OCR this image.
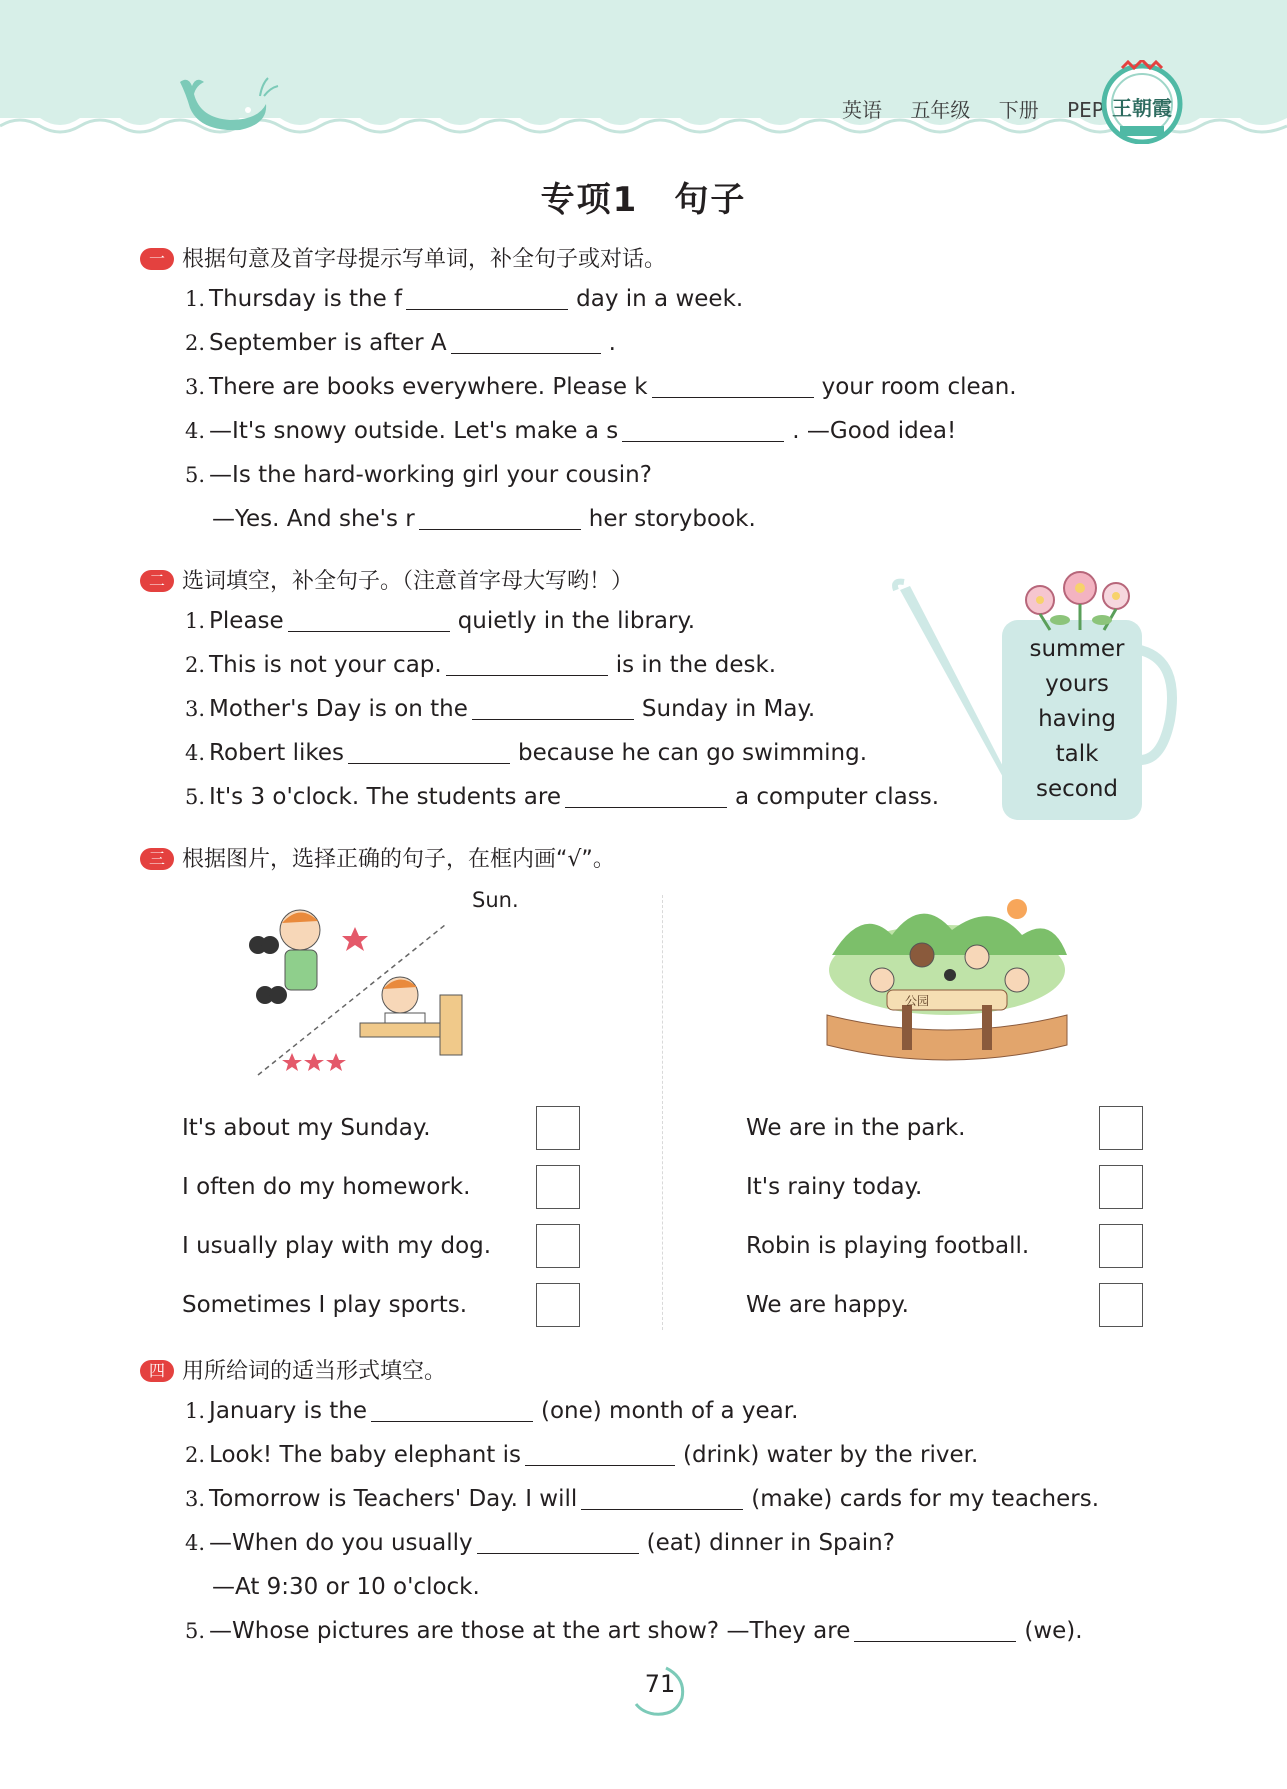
英语 五年级 下册 PEP 王朝霞
专项1　句子
一 根据句意及首字母提示写单词，补全句子或对话。
1. Thursday is the f	day in a week.
2. September is after A	.
3. There are books everywhere. Please k	your room clean.
4. —It's snowy outside. Let's make a s	. —Good idea!
5. —Is the hard-working girl your cousin?
—Yes. And she's r	her storybook.
二 选词填空，补全句子。（注意首字母大写哟！）
1. Please	quietly in the library.
2. This is not your cap.	is in the desk.
3. Mother's Day is on the	Sunday in May.
4. Robert likes	because he can go swimming.
5. It's 3 o'clock. The students are	a computer class.
summer
yours
having
talk
second
三 根据图片，选择正确的句子，在框内画“√”。
Sun.
公园
It's about my Sunday.
I often do my homework.
I usually play with my dog.
Sometimes I play sports.
We are in the park.
It's rainy today.
Robin is playing football.
We are happy.
四 用所给词的适当形式填空。
1. January is the	(one) month of a year.
2. Look! The baby elephant is	(drink) water by the river.
3. Tomorrow is Teachers' Day. I will	(make) cards for my teachers.
4. —When do you usually	(eat) dinner in Spain?
—At 9:30 or 10 o'clock.
5. —Whose pictures are those at the art show? —They are	(we).
71
